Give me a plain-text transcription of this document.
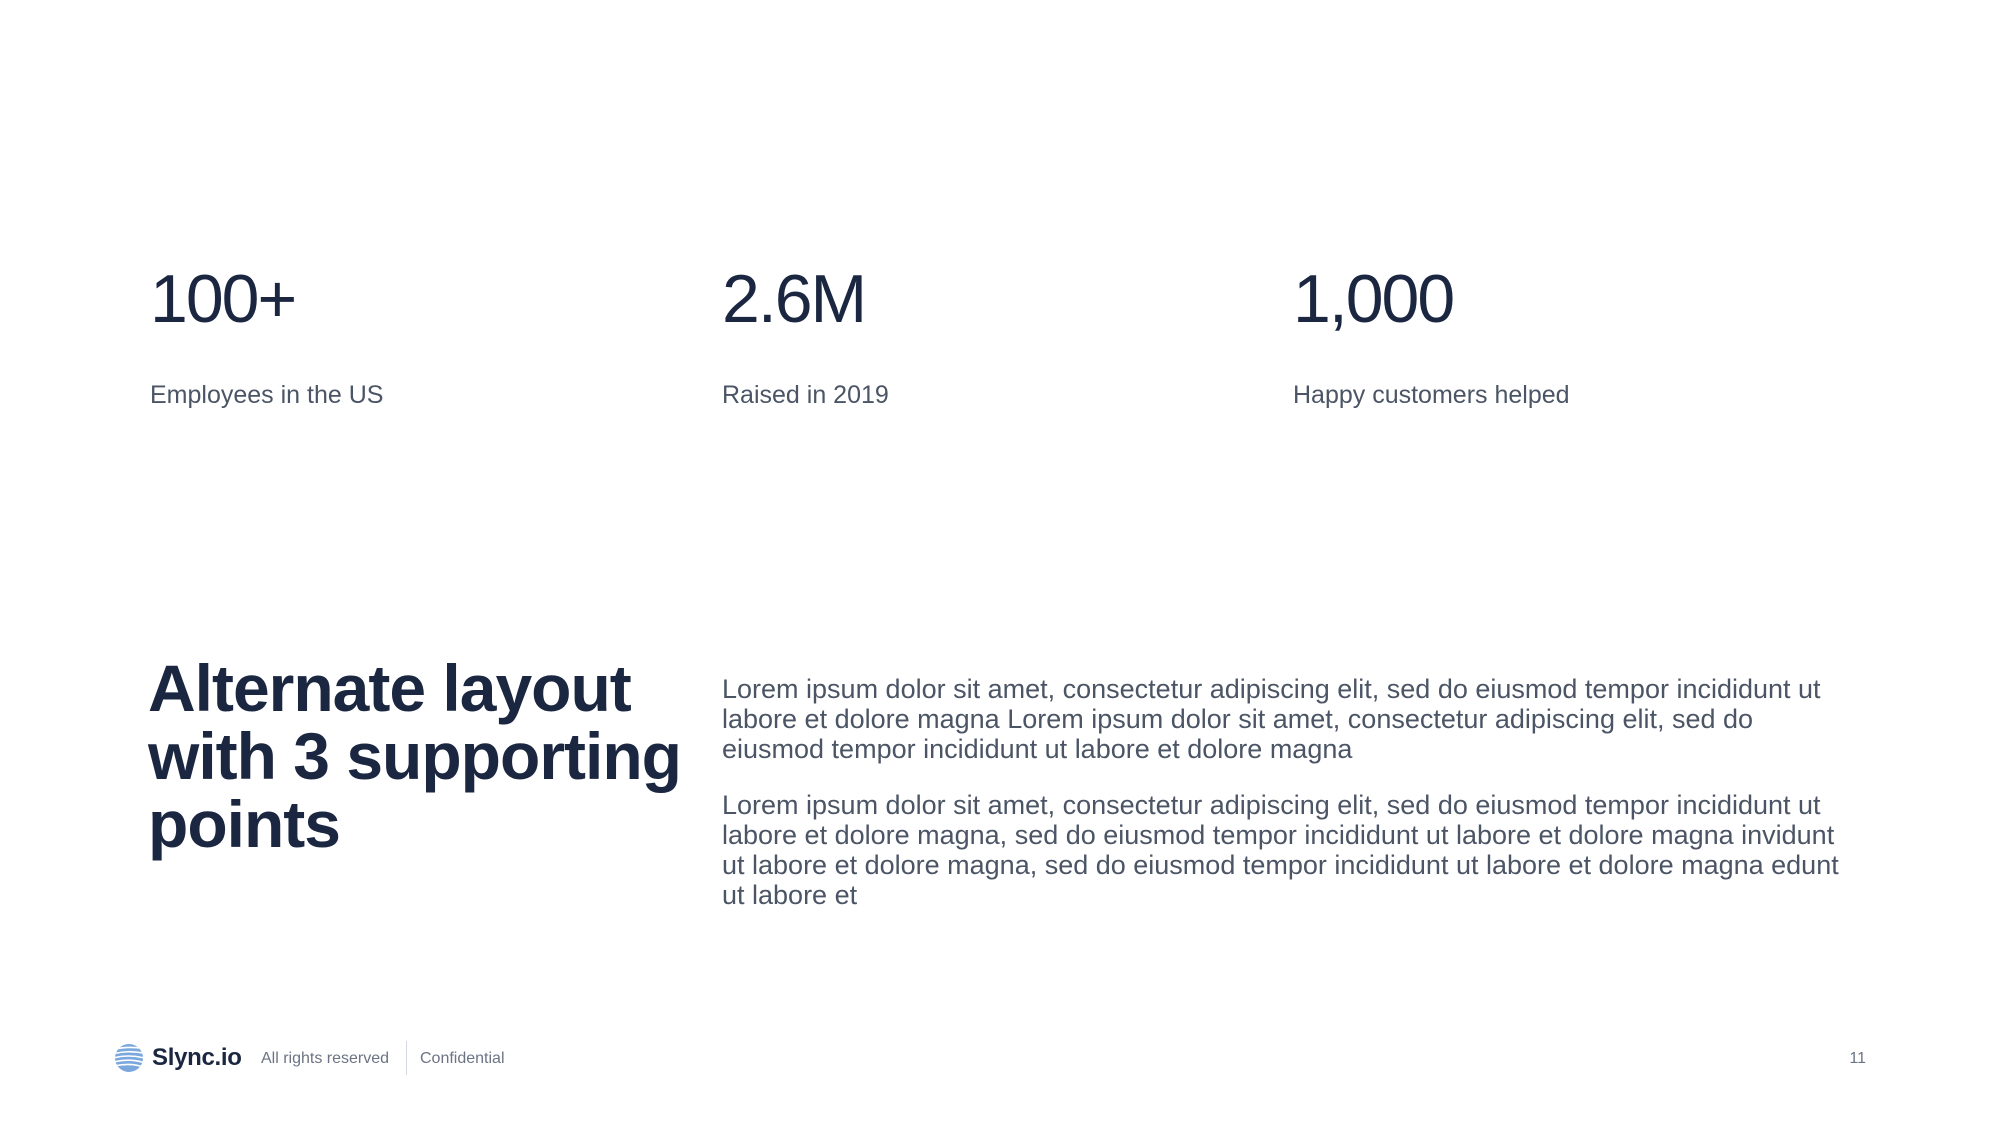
100+
Employees in the US
2.6M
Raised in 2019
1,000
Happy customers helped
Alternate layout with 3 supporting points

Lorem ipsum dolor sit amet, consectetur adipiscing elit, sed do eiusmod tempor incididunt ut labore et dolore magna Lorem ipsum dolor sit amet, consectetur adipiscing elit, sed do eiusmod tempor incididunt ut labore et dolore magna

Lorem ipsum dolor sit amet, consectetur adipiscing elit, sed do eiusmod tempor incididunt ut labore et dolore magna, sed do eiusmod tempor incididunt ut labore et dolore magna invidunt ut labore et dolore magna, sed do eiusmod tempor incididunt ut labore et dolore magna edunt ut labore et

Slync.io All rights reserved Confidential	11
